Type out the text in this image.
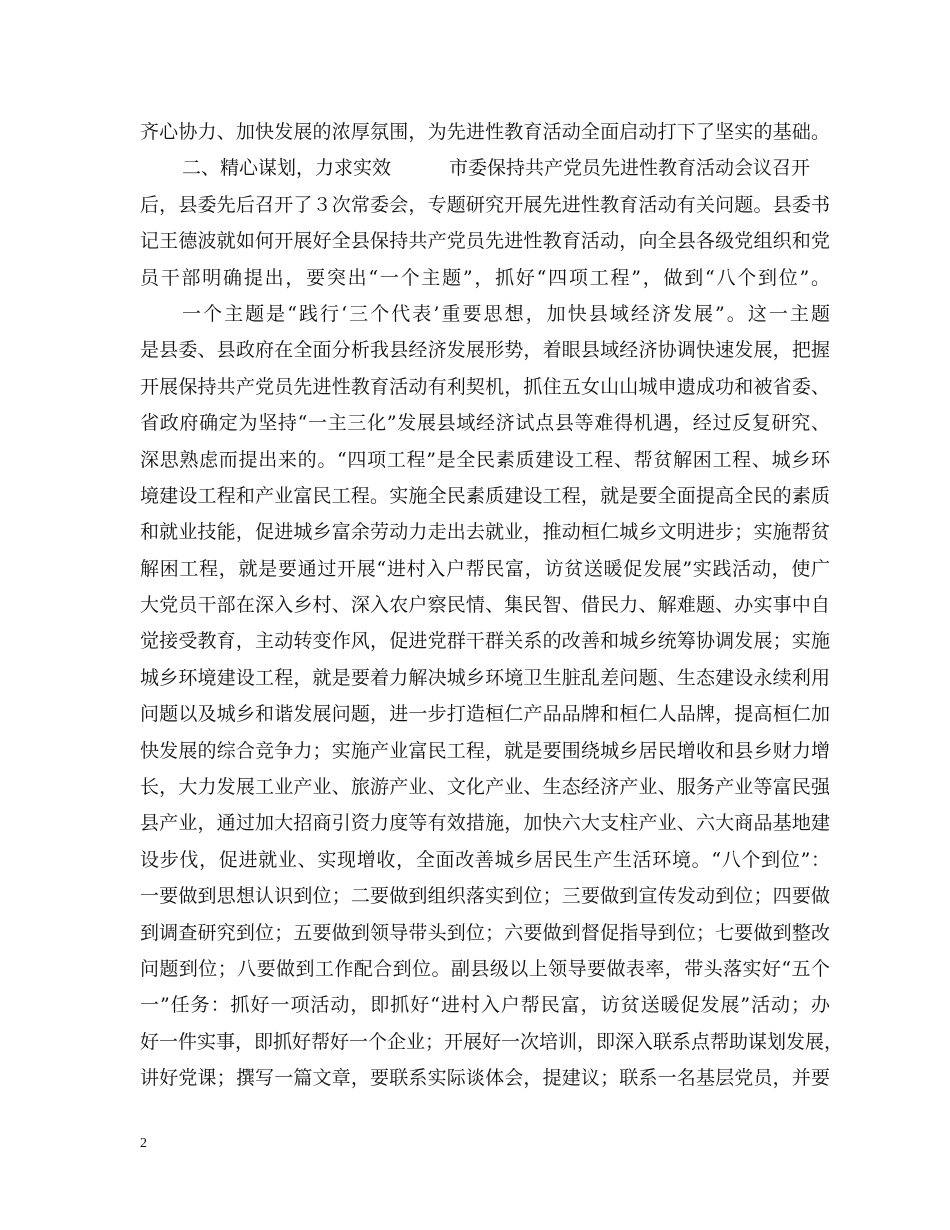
齐心协力、加快发展的浓厚氛围，为先进性教育活动全面启动打下了坚实的基础。
二、精心谋划，力求实效	市委保持共产党员先进性教育活动会议召开
后，县委先后召开了３次常委会，专题研究开展先进性教育活动有关问题。县委书
记王德波就如何开展好全县保持共产党员先进性教育活动，向全县各级党组织和党
员干部明确提出，要突出“一个主题”，抓好“四项工程”，做到“八个到位”。
一个主题是“践行‘三个代表’重要思想，加快县域经济发展”。这一主题
是县委、县政府在全面分析我县经济发展形势，着眼县域经济协调快速发展，把握
开展保持共产党员先进性教育活动有利契机，抓住五女山山城申遗成功和被省委、
省政府确定为坚持“一主三化”发展县域经济试点县等难得机遇，经过反复研究、
深思熟虑而提出来的。“四项工程”是全民素质建设工程、帮贫解困工程、城乡环
境建设工程和产业富民工程。实施全民素质建设工程，就是要全面提高全民的素质
和就业技能，促进城乡富余劳动力走出去就业，推动桓仁城乡文明进步；实施帮贫
解困工程，就是要通过开展“进村入户帮民富，访贫送暖促发展”实践活动，使广
大党员干部在深入乡村、深入农户察民情、集民智、借民力、解难题、办实事中自
觉接受教育，主动转变作风，促进党群干群关系的改善和城乡统筹协调发展；实施
城乡环境建设工程，就是要着力解决城乡环境卫生脏乱差问题、生态建设永续利用
问题以及城乡和谐发展问题，进一步打造桓仁产品品牌和桓仁人品牌，提高桓仁加
快发展的综合竞争力；实施产业富民工程，就是要围绕城乡居民增收和县乡财力增
长，大力发展工业产业、旅游产业、文化产业、生态经济产业、服务产业等富民强
县产业，通过加大招商引资力度等有效措施，加快六大支柱产业、六大商品基地建
设步伐，促进就业、实现增收，全面改善城乡居民生产生活环境。“八个到位”：
一要做到思想认识到位；二要做到组织落实到位；三要做到宣传发动到位；四要做
到调查研究到位；五要做到领导带头到位；六要做到督促指导到位；七要做到整改
问题到位；八要做到工作配合到位。副县级以上领导要做表率，带头落实好“五个
一”任务：抓好一项活动，即抓好“进村入户帮民富，访贫送暖促发展”活动；办
好一件实事，即抓好帮好一个企业；开展好一次培训，即深入联系点帮助谋划发展，
讲好党课；撰写一篇文章，要联系实际谈体会，提建议；联系一名基层党员，并要
2
